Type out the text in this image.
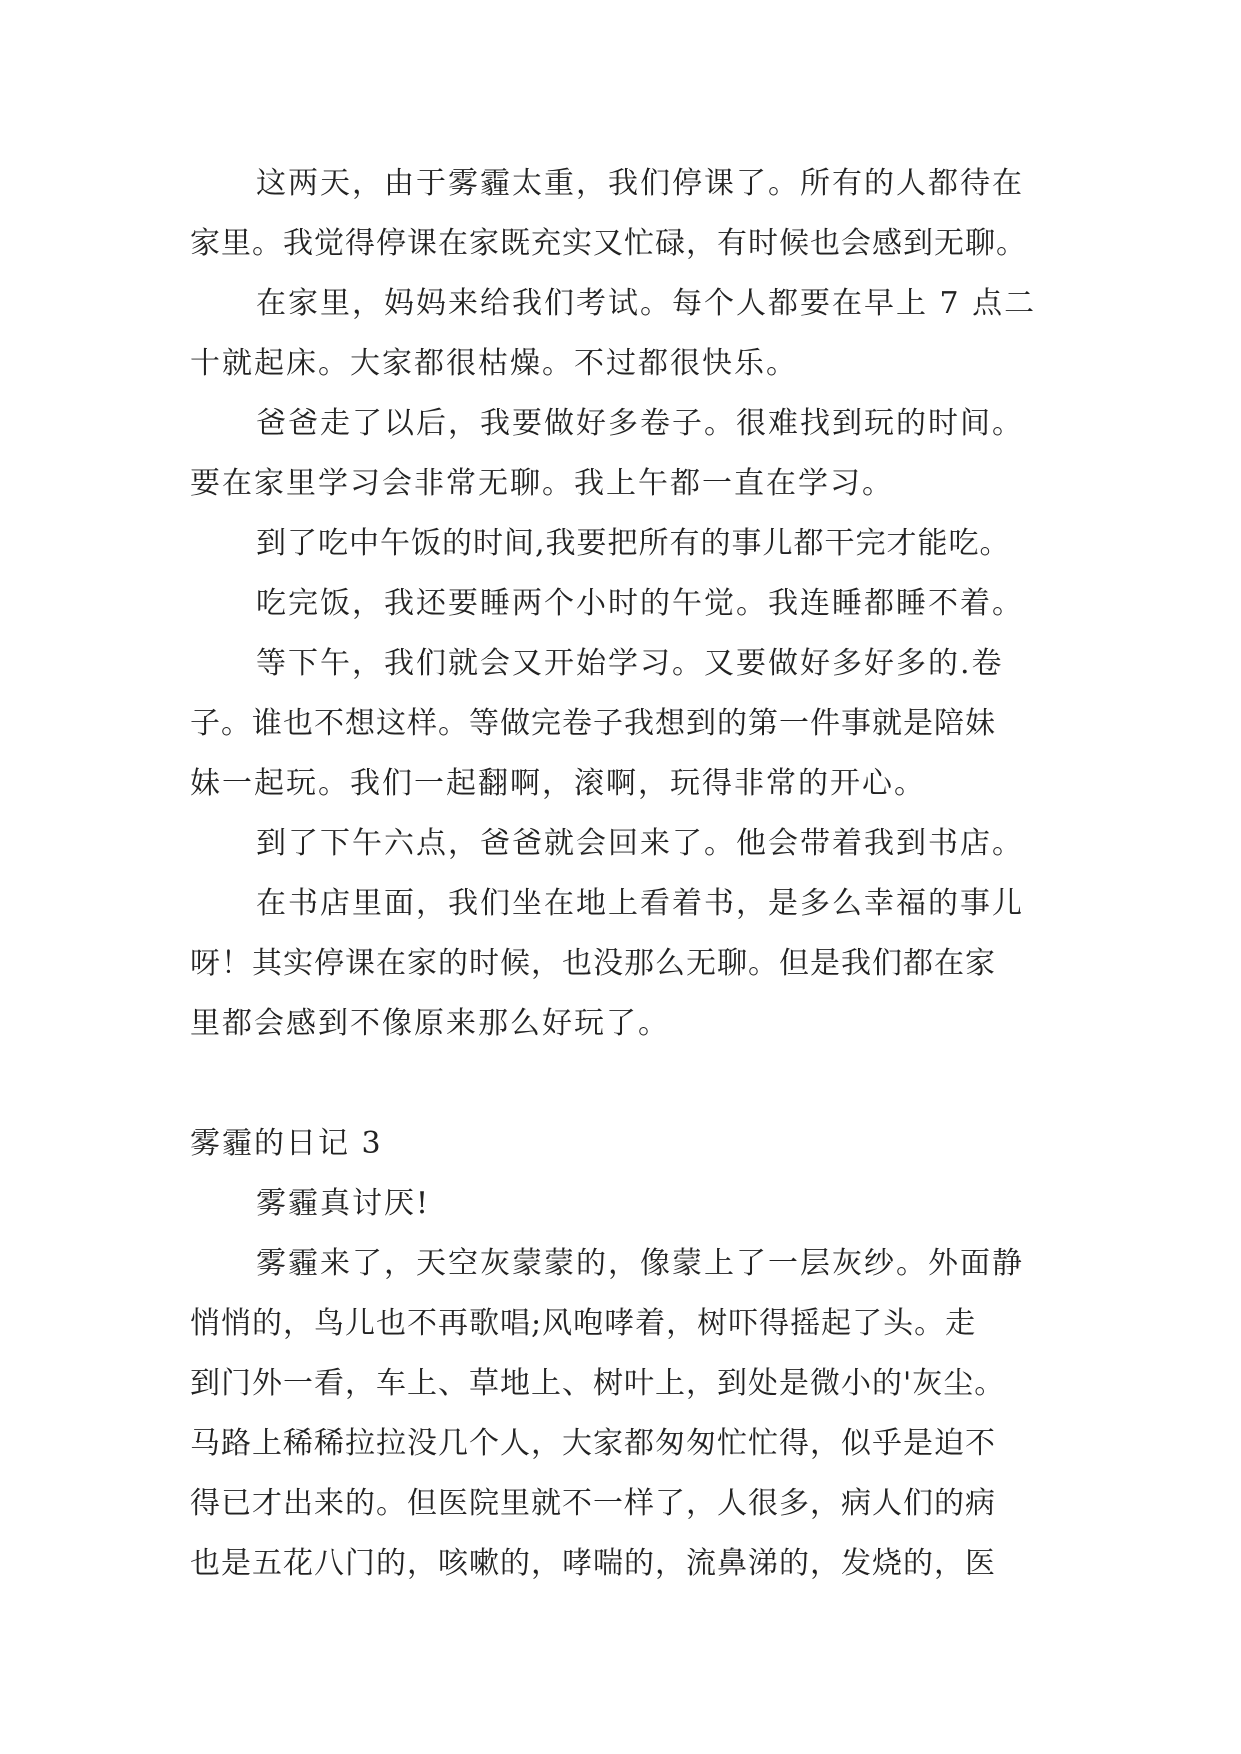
这两天，由于雾霾太重，我们停课了。所有的人都待在
家里。我觉得停课在家既充实又忙碌，有时候也会感到无聊。
在家里，妈妈来给我们考试。每个人都要在早上 7 点二
十就起床。大家都很枯燥。不过都很快乐。
爸爸走了以后，我要做好多卷子。很难找到玩的时间。
要在家里学习会非常无聊。我上午都一直在学习。
到了吃中午饭的时间,我要把所有的事儿都干完才能吃。
吃完饭，我还要睡两个小时的午觉。我连睡都睡不着。
等下午，我们就会又开始学习。又要做好多好多的.卷
子。谁也不想这样。等做完卷子我想到的第一件事就是陪妹
妹一起玩。我们一起翻啊，滚啊，玩得非常的开心。
到了下午六点，爸爸就会回来了。他会带着我到书店。
在书店里面，我们坐在地上看着书，是多么幸福的事儿
呀！其实停课在家的时候，也没那么无聊。但是我们都在家
里都会感到不像原来那么好玩了。
雾霾的日记 3
雾霾真讨厌!
雾霾来了，天空灰蒙蒙的，像蒙上了一层灰纱。外面静
悄悄的，鸟儿也不再歌唱;风咆哮着，树吓得摇起了头。走
到门外一看，车上、草地上、树叶上，到处是微小的'灰尘。
马路上稀稀拉拉没几个人，大家都匆匆忙忙得，似乎是迫不
得已才出来的。但医院里就不一样了，人很多，病人们的病
也是五花八门的，咳嗽的，哮喘的，流鼻涕的，发烧的，医
